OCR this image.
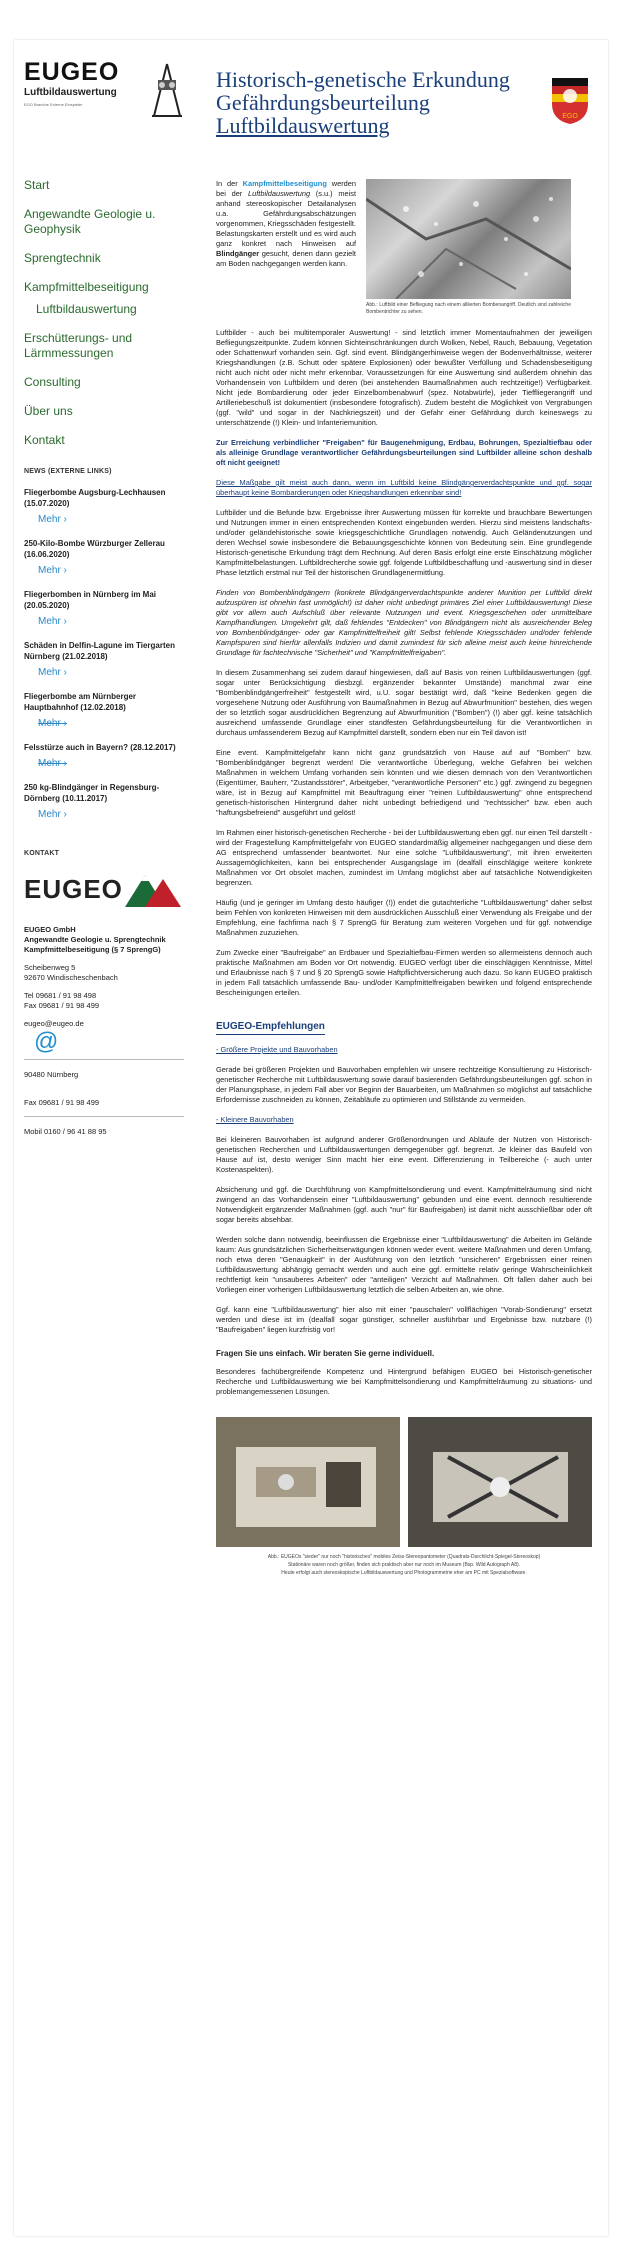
EUGEO
Luftbildauswertung
EGO Branche Externe Einspieler
Start
Angewandte Geologie u. Geophysik
Sprengtechnik
Kampfmittelbeseitigung
Luftbildauswertung
Erschütterungs- und Lärmmessungen
Consulting
Über uns
Kontakt
NEWS (EXTERNE LINKS)
Fliegerbombe Augsburg-Lechhausen (15.07.2020)
Mehr ›
250-Kilo-Bombe Würzburger Zellerau (16.06.2020)
Mehr ›
Fliegerbomben in Nürnberg im Mai (20.05.2020)
Mehr ›
Schäden in Delfin-Lagune im Tiergarten Nürnberg (21.02.2018)
Mehr ›
Fliegerbombe am Nürnberger Hauptbahnhof (12.02.2018)
Mehr ›
Felsstürze auch in Bayern? (28.12.2017)
Mehr ›
250 kg-Blindgänger in Regensburg-Dörnberg (10.11.2017)
Mehr ›
KONTAKT
EUGEO

EUGEO GmbH
Angewandte Geologie u. Sprengtechnik
Kampfmittelbeseitigung (§ 7 SprengG)

Scheibenweg 5
92670 Windischeschenbach

Tel 09681 / 91 98 498
Fax 09681 / 91 98 499

eugeo@eugeo.de

@

90480 Nürnberg

Fax 09681 / 91 98 499

Mobil 0160 / 96 41 88 95

Historisch-genetische Erkundung
Gefährdungsbeurteilung
Luftbildauswertung	EGO
In der Kampfmittelbeseitigung werden bei der Luftbildauswertung (s.u.) meist anhand stereoskopischer Detailanalysen u.a. Gefährdungsabschätzungen vorgenommen, Kriegsschäden festgestellt. Belastungskarten erstellt und es wird auch ganz konkret nach Hinweisen auf Blindgänger gesucht, denen dann gezielt am Boden nachgegangen werden kann.
Abb.: Luftbild einer Befliegung nach einem alliierten Bombenangriff. Deutlich sind zahlreiche Bombentrichter zu sehen.

Luftbilder - auch bei multitemporaler Auswertung! - sind letztlich immer Momentaufnahmen der jeweiligen Befliegungszeitpunkte. Zudem können Sichteinschränkungen durch Wolken, Nebel, Rauch, Bebauung, Vegetation oder Schattenwurf vorhanden sein. Ggf. sind event. Blindgängerhinweise wegen der Bodenverhältnisse, weiterer Kriegshandlungen (z.B. Schutt oder spätere Explosionen) oder bewußter Verfüllung und Schadensbeseitigung nicht auch nicht oder nicht mehr erkennbar. Voraussetzungen für eine Auswertung sind außerdem ohnehin das Vorhandensein von Luftbildern und deren (bei anstehenden Baumaßnahmen auch rechtzeitige!) Verfügbarkeit. Nicht jede Bombardierung oder jeder Einzelbombenabwurf (spez. Notabwürfe), jeder Tieffliegerangriff und Artilleriebeschuß ist dokumentiert (insbesondere fotografisch). Zudem besteht die Möglichkeit von Vergrabungen (ggf. "wild" und sogar in der Nachkriegszeit) und der Gefahr einer Gefährdung durch keineswegs zu unterschätzende (!) Klein- und Infanteriemunition.

Zur Erreichung verbindlicher "Freigaben" für Baugenehmigung, Erdbau, Bohrungen, Spezialtiefbau oder als alleinige Grundlage verantwortlicher Gefährdungsbeurteilungen sind Luftbilder alleine schon deshalb oft nicht geeignet!

Diese Maßgabe gilt meist auch dann, wenn im Luftbild keine Blindgängerverdachtspunkte und ggf. sogar überhaupt keine Bombardierungen oder Kriegshandlungen erkennbar sind!

Luftbilder und die Befunde bzw. Ergebnisse ihrer Auswertung müssen für korrekte und brauchbare Bewertungen und Nutzungen immer in einen entsprechenden Kontext eingebunden werden. Hierzu sind meistens landschafts- und/oder geländehistorische sowie kriegsgeschichtliche Grundlagen notwendig. Auch Geländenutzungen und deren Wechsel sowie insbesondere die Bebauungsgeschichte können von Bedeutung sein. Eine grundlegende Historisch-genetische Erkundung trägt dem Rechnung. Auf deren Basis erfolgt eine erste Einschätzung möglicher Kampfmittelbelastungen. Luftbildrecherche sowie ggf. folgende Luftbildbeschaffung und -auswertung sind in dieser Phase letztlich erstmal nur Teil der historischen Grundlagenermittlung.

Finden von Bombenblindgängern (konkrete Blindgängerverdachtspunkte anderer Munition per Luftbild direkt aufzuspüren ist ohnehin fast unmöglich!) ist daher nicht unbedingt primäres Ziel einer Luftbildauswertung! Diese gibt vor allem auch Aufschluß über relevante Nutzungen und event. Kriegsgeschehen oder unmittelbare Kampfhandlungen. Umgekehrt gilt, daß fehlendes "Entdecken" von Blindgängern nicht als ausreichender Beleg von Bombenblindgänger- oder gar Kampfmittelfreiheit gilt! Selbst fehlende Kriegsschäden und/oder fehlende Kampfspuren sind hierfür allenfalls Indizien und damit zumindest für sich alleine meist auch keine hinreichende Grundlage für fachtechnische "Sicherheit" und "Kampfmittelfreigaben".

In diesem Zusammenhang sei zudem darauf hingewiesen, daß auf Basis von reinen Luftbildauswertungen (ggf. sogar unter Berücksichtigung diesbzgl. ergänzender bekannter Umstände) manchmal zwar eine "Bombenblindgängerfreiheit" festgestellt wird, u.U. sogar bestätigt wird, daß "keine Bedenken gegen die vorgesehene Nutzung oder Ausführung von Baumaßnahmen in Bezug auf Abwurfmunition" bestehen, dies wegen der so letztlich sogar ausdrücklichen Begrenzung auf Abwurfmunition ("Bomben") (!) aber ggf. keine tatsächlich ausreichend umfassende Grundlage einer standfesten Gefährdungsbeurteilung für die Verantwortlichen in durchaus umfassenderem Bezug auf Kampfmittel darstellt, sondern eben nur ein Teil davon ist!

Eine event. Kampfmittelgefahr kann nicht ganz grundsätzlich von Hause auf auf "Bomben" bzw. "Bombenblindgänger begrenzt werden! Die verantwortliche Überlegung, welche Gefahren bei welchen Maßnahmen in welchem Umfang vorhanden sein könnten und wie diesen demnach von den Verantwortlichen (Eigentümer, Bauherr, "Zustandsstörer", Arbeitgeber, "verantwortliche Personen" etc.) ggf. zwingend zu begegnen wäre, ist in Bezug auf Kampfmittel mit Beauftragung einer "reinen Luftbildauswertung" ohne entsprechend genetisch-historischen Hintergrund daher nicht unbedingt befriedigend und "rechtssicher" bzw. eben auch "haftungsbefreiend" ausgeführt und gelöst!

Im Rahmen einer historisch-genetischen Recherche - bei der Luftbildauswertung eben ggf. nur einen Teil darstellt - wird der Fragestellung Kampfmittelgefahr von EUGEO standardmäßig allgemeiner nachgegangen und diese dem AG entsprechend umfassender beantwortet. Nur eine solche "Luftbildauswertung", mit ihren erweiterten Aussagemöglichkeiten, kann bei entsprechender Ausgangslage im (dealfall einschlägige weitere konkrete Maßnahmen vor Ort obsolet machen, zumindest im Umfang möglichst aber auf tatsächliche Notwendigkeiten begrenzen.

Häufig (und je geringer im Umfang desto häufiger (!)) endet die gutachterliche "Luftbildauswertung" daher selbst beim Fehlen von konkreten Hinweisen mit dem ausdrücklichen Ausschluß einer Verwendung als Freigabe und der Empfehlung, eine fachfirma nach § 7 SprengG für Beratung zum weiteren Vorgehen und für ggf. notwendige Maßnahmen zuzuziehen.

Zum Zwecke einer "Baufreigabe" an Erdbauer und Spezialtiefbau-Firmen werden so allermeistens dennoch auch praktische Maßnahmen am Boden vor Ort notwendig. EUGEO verfügt über die einschlägigen Kenntnisse, Mittel und Erlaubnisse nach § 7 und § 20 SprengG sowie Haftpflichtversicherung auch dazu. So kann EUGEO praktisch in jedem Fall tatsächlich umfassende Bau- und/oder Kampfmittelfreigaben bewirken und folgend entsprechende Bescheinigungen erteilen.

EUGEO-Empfehlungen

- Größere Projekte und Bauvorhaben

Gerade bei größeren Projekten und Bauvorhaben empfehlen wir unsere rechtzeitige Konsultierung zu Historisch-genetischer Recherche mit Luftbildauswertung sowie darauf basierenden Gefährdungsbeurteilungen ggf. schon in der Planungsphase, in jedem Fall aber vor Beginn der Bauarbeiten, um Maßnahmen so möglichst auf tatsächliche Erfordernisse zuschneiden zu können, Zeitabläufe zu optimieren und Stillstände zu vermeiden.

- Kleinere Bauvorhaben

Bei kleineren Bauvorhaben ist aufgrund anderer Größenordnungen und Abläufe der Nutzen von Historisch-genetischen Recherchen und Luftbildauswertungen demgegenüber ggf. begrenzt. Je kleiner das Baufeld von Hause auf ist, desto weniger Sinn macht hier eine event. Differenzierung in Teilbereiche (- auch unter Kostenaspekten).

Absicherung und ggf. die Durchführung von Kampfmittelsondierung und event. Kampfmittelräumung sind nicht zwingend an das Vorhandensein einer "Luftbildauswertung" gebunden und eine event. dennoch resultierende Notwendigkeit ergänzender Maßnahmen (ggf. auch "nur" für Baufreigaben) ist damit nicht ausschließbar oder oft sogar bereits absehbar.

Werden solche dann notwendig, beeinflussen die Ergebnisse einer "Luftbildauswertung" die Arbeiten im Gelände kaum: Aus grundsätzlichen Sicherheitserwägungen können weder event. weitere Maßnahmen und deren Umfang, noch etwa deren "Genauigkeit" in der Ausführung von den letztlich "unsicheren" Ergebnissen einer reinen Luftbildauswertung abhängig gemacht werden und auch eine ggf. ermittelte relativ geringe Wahrscheinlichkeit rechtfertigt kein "unsauberes Arbeiten" oder "anteiligen" Verzicht auf Maßnahmen. Oft fallen daher auch bei Vorliegen einer vorherigen Luftbildauswertung letztlich die selben Arbeiten an, wie ohne.

Ggf. kann eine "Luftbildauswertung" hier also mit einer "pauschalen" vollflächigen "Vorab-Sondierung" ersetzt werden und diese ist im (dealfall sogar günstiger, schneller ausführbar und Ergebnisse bzw. nutzbare (!) "Baufreigaben" liegen kurzfristig vor!

Fragen Sie uns einfach. Wir beraten Sie gerne individuell.

Besonderes fachübergreifende Kompetenz und Hintergrund befähigen EUGEO bei Historisch-genetischer Recherche und Luftbildauswertung wie bei Kampfmittelsondierung und Kampfmittelräumung zu situations- und problemangemessenen Lösungen.

Abb.: EUGEOs "sieder" nur noch "historisches" mobiles Zeiss-Stereopantometer (Quadrats-Durchlicht-Spiegel-Stereoskop)
Stationäre waren noch größer, finden sich praktisch aber nur noch im Museum (Bsp. Wild Autograph A8).
Heute erfolgt auch stereoskopische Luftbildauswertung und Photogrammetrie eher am PC mit Spezialsoftware.
